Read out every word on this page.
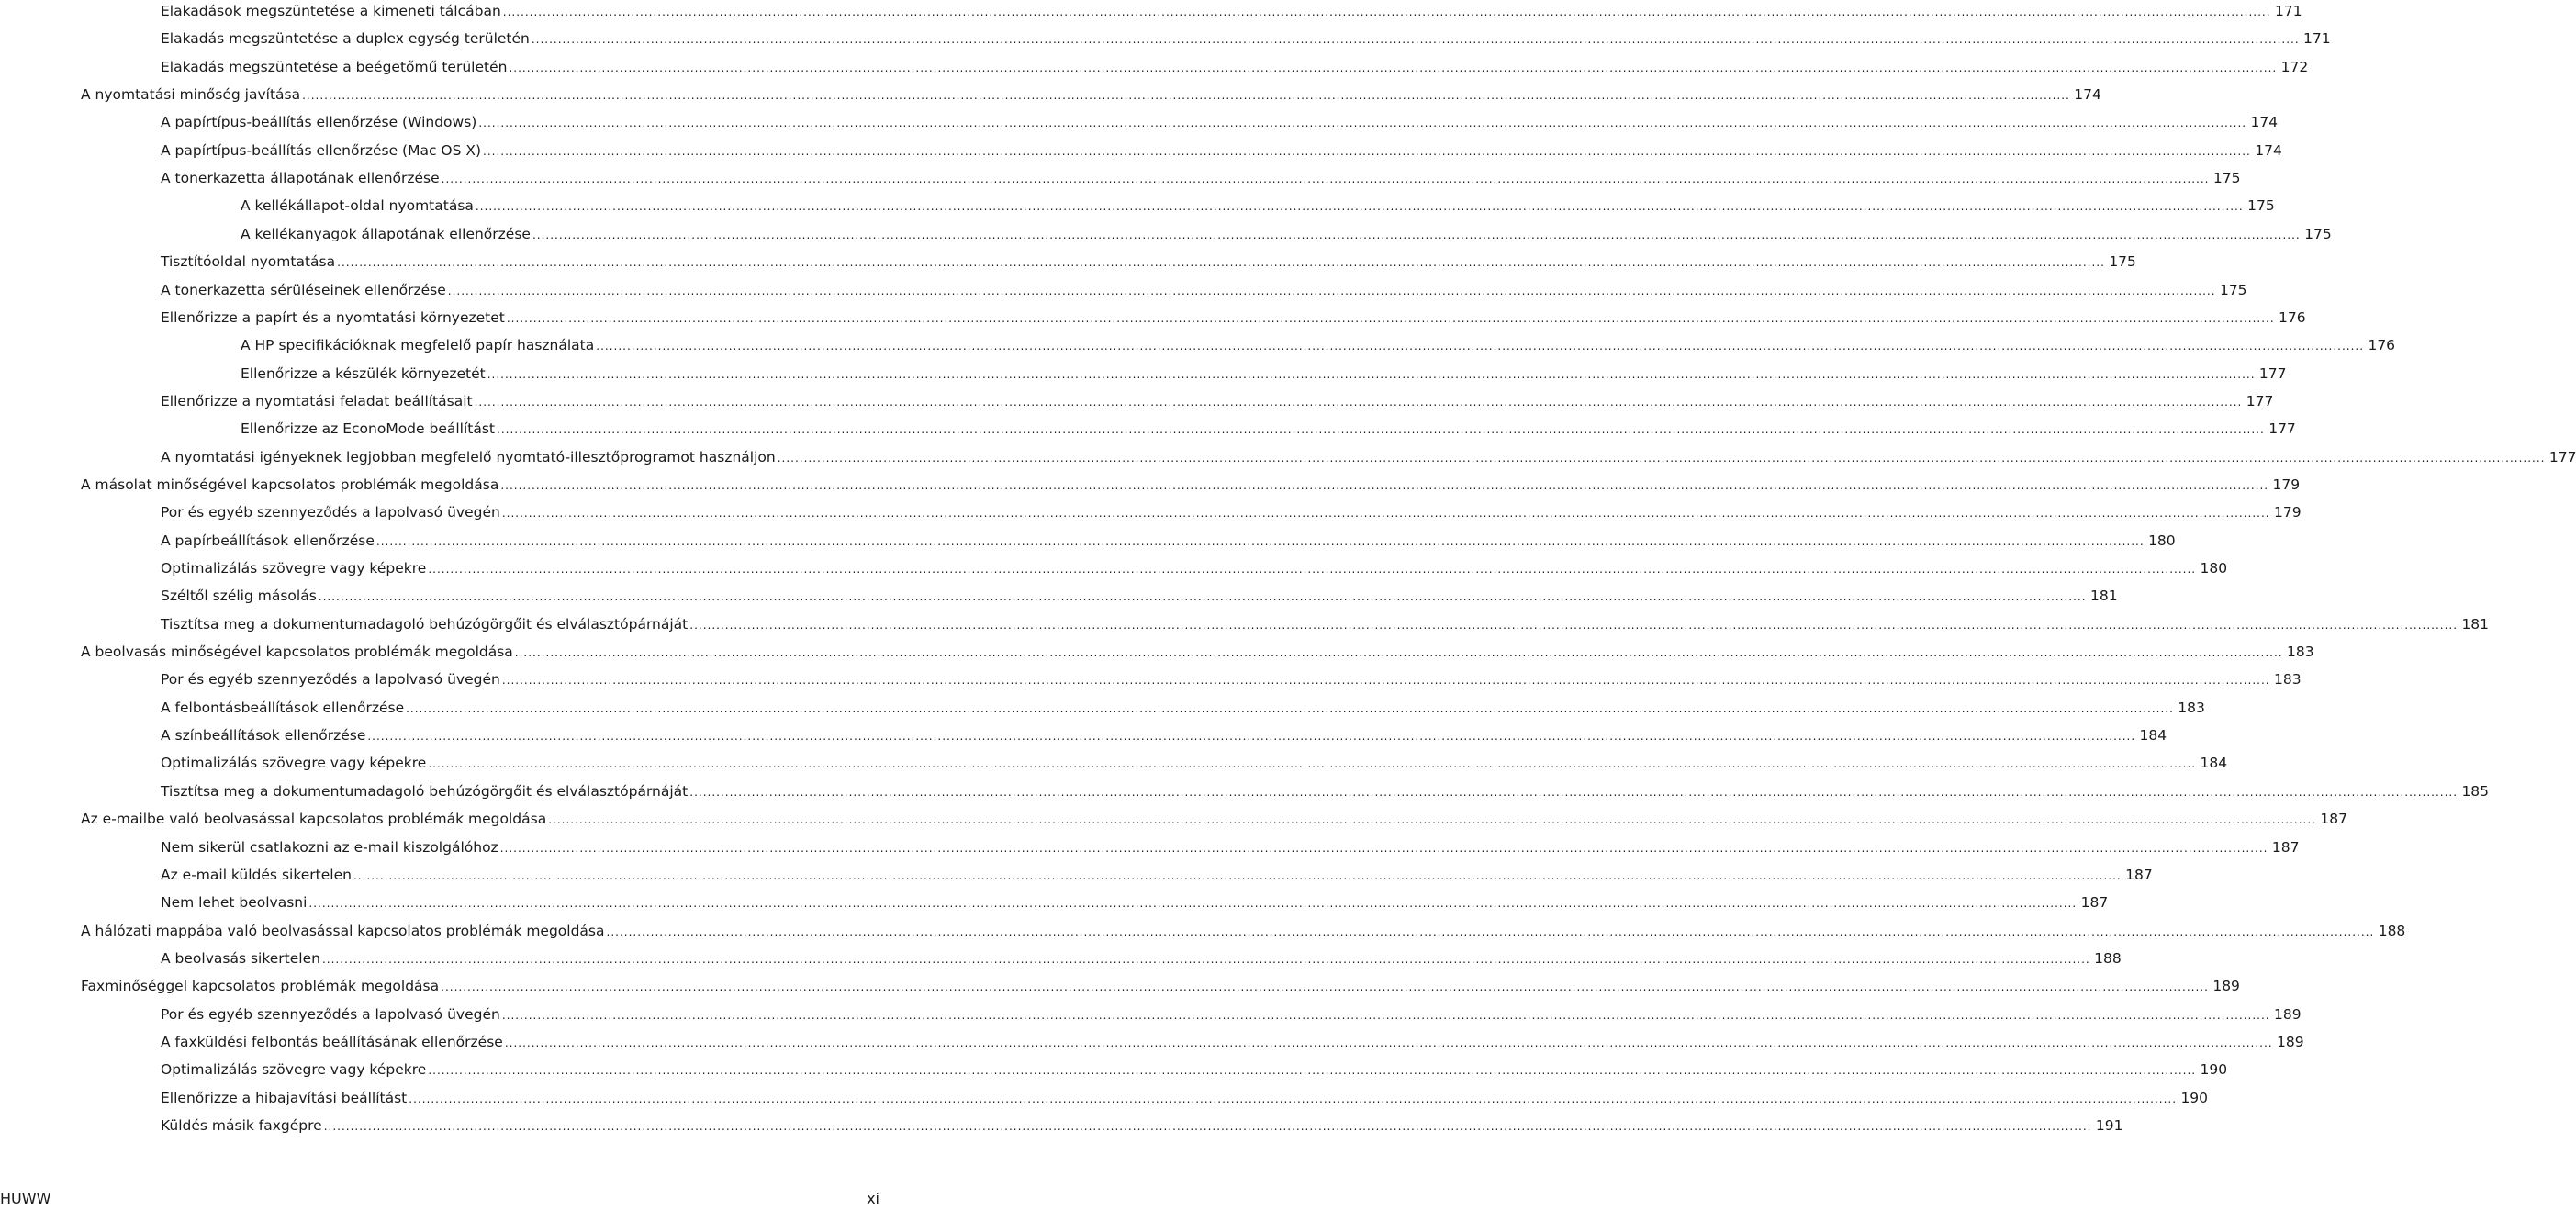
Elakadások megszüntetése a kimeneti tálcában ................................................................................................................................................................................................................................................................................................................................................................................................................ 171
Elakadás megszüntetése a duplex egység területén ................................................................................................................................................................................................................................................................................................................................................................................................................ 171
Elakadás megszüntetése a beégetőmű területén ................................................................................................................................................................................................................................................................................................................................................................................................................ 172
A nyomtatási minőség javítása ................................................................................................................................................................................................................................................................................................................................................................................................................ 174
A papírtípus-beállítás ellenőrzése (Windows) ................................................................................................................................................................................................................................................................................................................................................................................................................ 174
A papírtípus-beállítás ellenőrzése (Mac OS X) ................................................................................................................................................................................................................................................................................................................................................................................................................ 174
A tonerkazetta állapotának ellenőrzése ................................................................................................................................................................................................................................................................................................................................................................................................................ 175
A kellékállapot-oldal nyomtatása ................................................................................................................................................................................................................................................................................................................................................................................................................ 175
A kellékanyagok állapotának ellenőrzése ................................................................................................................................................................................................................................................................................................................................................................................................................ 175
Tisztítóoldal nyomtatása ................................................................................................................................................................................................................................................................................................................................................................................................................ 175
A tonerkazetta sérüléseinek ellenőrzése ................................................................................................................................................................................................................................................................................................................................................................................................................ 175
Ellenőrizze a papírt és a nyomtatási környezetet ................................................................................................................................................................................................................................................................................................................................................................................................................ 176
A HP specifikációknak megfelelő papír használata ................................................................................................................................................................................................................................................................................................................................................................................................................ 176
Ellenőrizze a készülék környezetét ................................................................................................................................................................................................................................................................................................................................................................................................................ 177
Ellenőrizze a nyomtatási feladat beállításait ................................................................................................................................................................................................................................................................................................................................................................................................................ 177
Ellenőrizze az EconoMode beállítást ................................................................................................................................................................................................................................................................................................................................................................................................................ 177
A nyomtatási igényeknek legjobban megfelelő nyomtató-illesztőprogramot használjon ................................................................................................................................................................................................................................................................................................................................................................................................................ 177
A másolat minőségével kapcsolatos problémák megoldása ................................................................................................................................................................................................................................................................................................................................................................................................................ 179
Por és egyéb szennyeződés a lapolvasó üvegén ................................................................................................................................................................................................................................................................................................................................................................................................................ 179
A papírbeállítások ellenőrzése ................................................................................................................................................................................................................................................................................................................................................................................................................ 180
Optimalizálás szövegre vagy képekre ................................................................................................................................................................................................................................................................................................................................................................................................................ 180
Széltől szélig másolás ................................................................................................................................................................................................................................................................................................................................................................................................................ 181
Tisztítsa meg a dokumentumadagoló behúzógörgőit és elválasztópárnáját ................................................................................................................................................................................................................................................................................................................................................................................................................ 181
A beolvasás minőségével kapcsolatos problémák megoldása ................................................................................................................................................................................................................................................................................................................................................................................................................ 183
Por és egyéb szennyeződés a lapolvasó üvegén ................................................................................................................................................................................................................................................................................................................................................................................................................ 183
A felbontásbeállítások ellenőrzése ................................................................................................................................................................................................................................................................................................................................................................................................................ 183
A színbeállítások ellenőrzése ................................................................................................................................................................................................................................................................................................................................................................................................................ 184
Optimalizálás szövegre vagy képekre ................................................................................................................................................................................................................................................................................................................................................................................................................ 184
Tisztítsa meg a dokumentumadagoló behúzógörgőit és elválasztópárnáját ................................................................................................................................................................................................................................................................................................................................................................................................................ 185
Az e-mailbe való beolvasással kapcsolatos problémák megoldása ................................................................................................................................................................................................................................................................................................................................................................................................................ 187
Nem sikerül csatlakozni az e-mail kiszolgálóhoz ................................................................................................................................................................................................................................................................................................................................................................................................................ 187
Az e-mail küldés sikertelen ................................................................................................................................................................................................................................................................................................................................................................................................................ 187
Nem lehet beolvasni ................................................................................................................................................................................................................................................................................................................................................................................................................ 187
A hálózati mappába való beolvasással kapcsolatos problémák megoldása ................................................................................................................................................................................................................................................................................................................................................................................................................ 188
A beolvasás sikertelen ................................................................................................................................................................................................................................................................................................................................................................................................................ 188
Faxminőséggel kapcsolatos problémák megoldása ................................................................................................................................................................................................................................................................................................................................................................................................................ 189
Por és egyéb szennyeződés a lapolvasó üvegén ................................................................................................................................................................................................................................................................................................................................................................................................................ 189
A faxküldési felbontás beállításának ellenőrzése ................................................................................................................................................................................................................................................................................................................................................................................................................ 189
Optimalizálás szövegre vagy képekre ................................................................................................................................................................................................................................................................................................................................................................................................................ 190
Ellenőrizze a hibajavítási beállítást ................................................................................................................................................................................................................................................................................................................................................................................................................ 190
Küldés másik faxgépre ................................................................................................................................................................................................................................................................................................................................................................................................................ 191
HUWW	xi
